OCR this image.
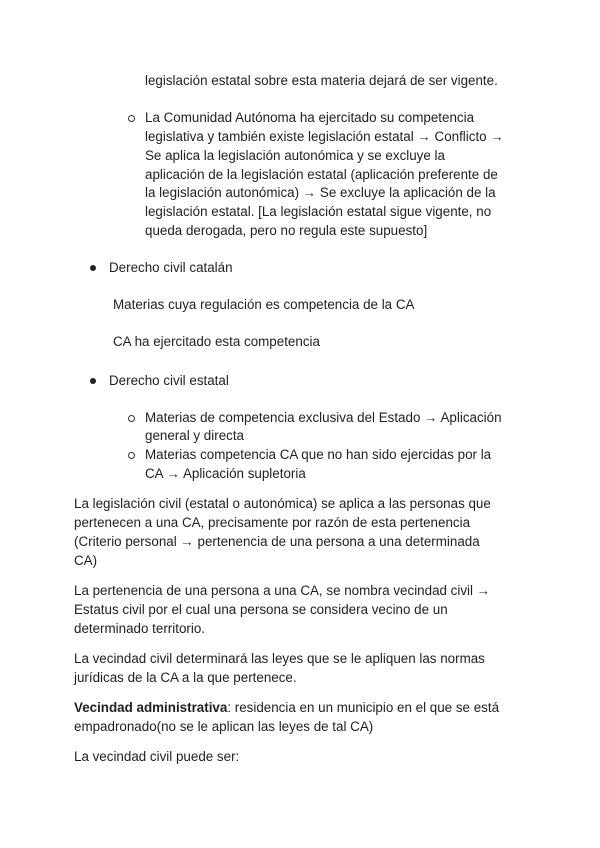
legislación estatal sobre esta materia dejará de ser vigente.
La Comunidad Autónoma ha ejercitado su competencia
legislativa y también existe legislación estatal → Conflicto →
Se aplica la legislación autonómica y se excluye la
aplicación de la legislación estatal (aplicación preferente de
la legislación autonómica) → Se excluye la aplicación de la
legislación estatal. [La legislación estatal sigue vigente, no
queda derogada, pero no regula este supuesto]
Derecho civil catalán
Materias cuya regulación es competencia de la CA
CA ha ejercitado esta competencia
Derecho civil estatal
Materias de competencia exclusiva del Estado → Aplicación
general y directa
Materias competencia CA que no han sido ejercidas por la
CA → Aplicación supletoria
La legislación civil (estatal o autonómica) se aplica a las personas que
pertenecen a una CA, precisamente por razón de esta pertenencia
(Criterio personal → pertenencia de una persona a una determinada
CA)
La pertenencia de una persona a una CA, se nombra vecindad civil →
Estatus civil por el cual una persona se considera vecino de un
determinado territorio.
La vecindad civil determinará las leyes que se le apliquen las normas
jurídicas de la CA a la que pertenece.
Vecindad administrativa: residencia en un municipio en el que se está
empadronado(no se le aplican las leyes de tal CA)
La vecindad civil puede ser:
